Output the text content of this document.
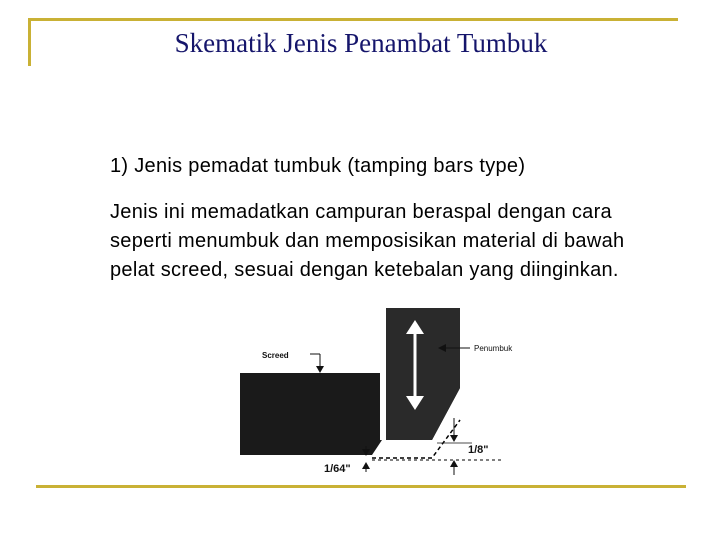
Skematik Jenis Penambat Tumbuk

1) Jenis pemadat tumbuk (tamping bars type)

Jenis ini memadatkan campuran beraspal dengan cara seperti menumbuk dan memposisikan material di bawah pelat screed, sesuai dengan ketebalan yang diinginkan.

Screed
Penumbuk
1/8"
1/64"
